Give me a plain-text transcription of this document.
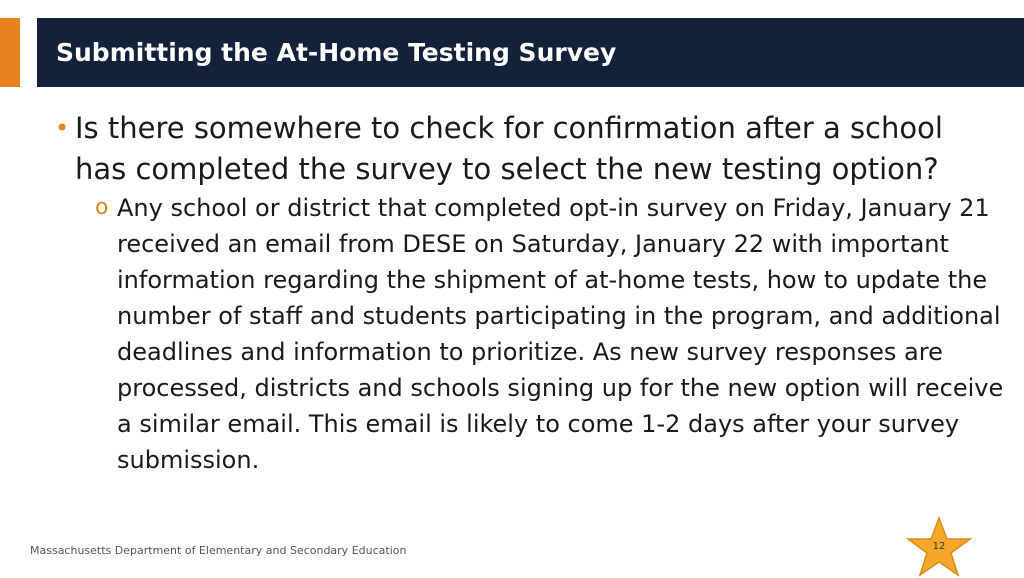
Submitting the At-Home Testing Survey
• Is there somewhere to check for confirmation after a school has completed the survey to select the new testing option?
o Any school or district that completed opt-in survey on Friday, January 21 received an email from DESE on Saturday, January 22 with important information regarding the shipment of at-home tests, how to update the number of staff and students participating in the program, and additional deadlines and information to prioritize. As new survey responses are processed, districts and schools signing up for the new option will receive a similar email. This email is likely to come 1-2 days after your survey submission.
Massachusetts Department of Elementary and Secondary Education	12
